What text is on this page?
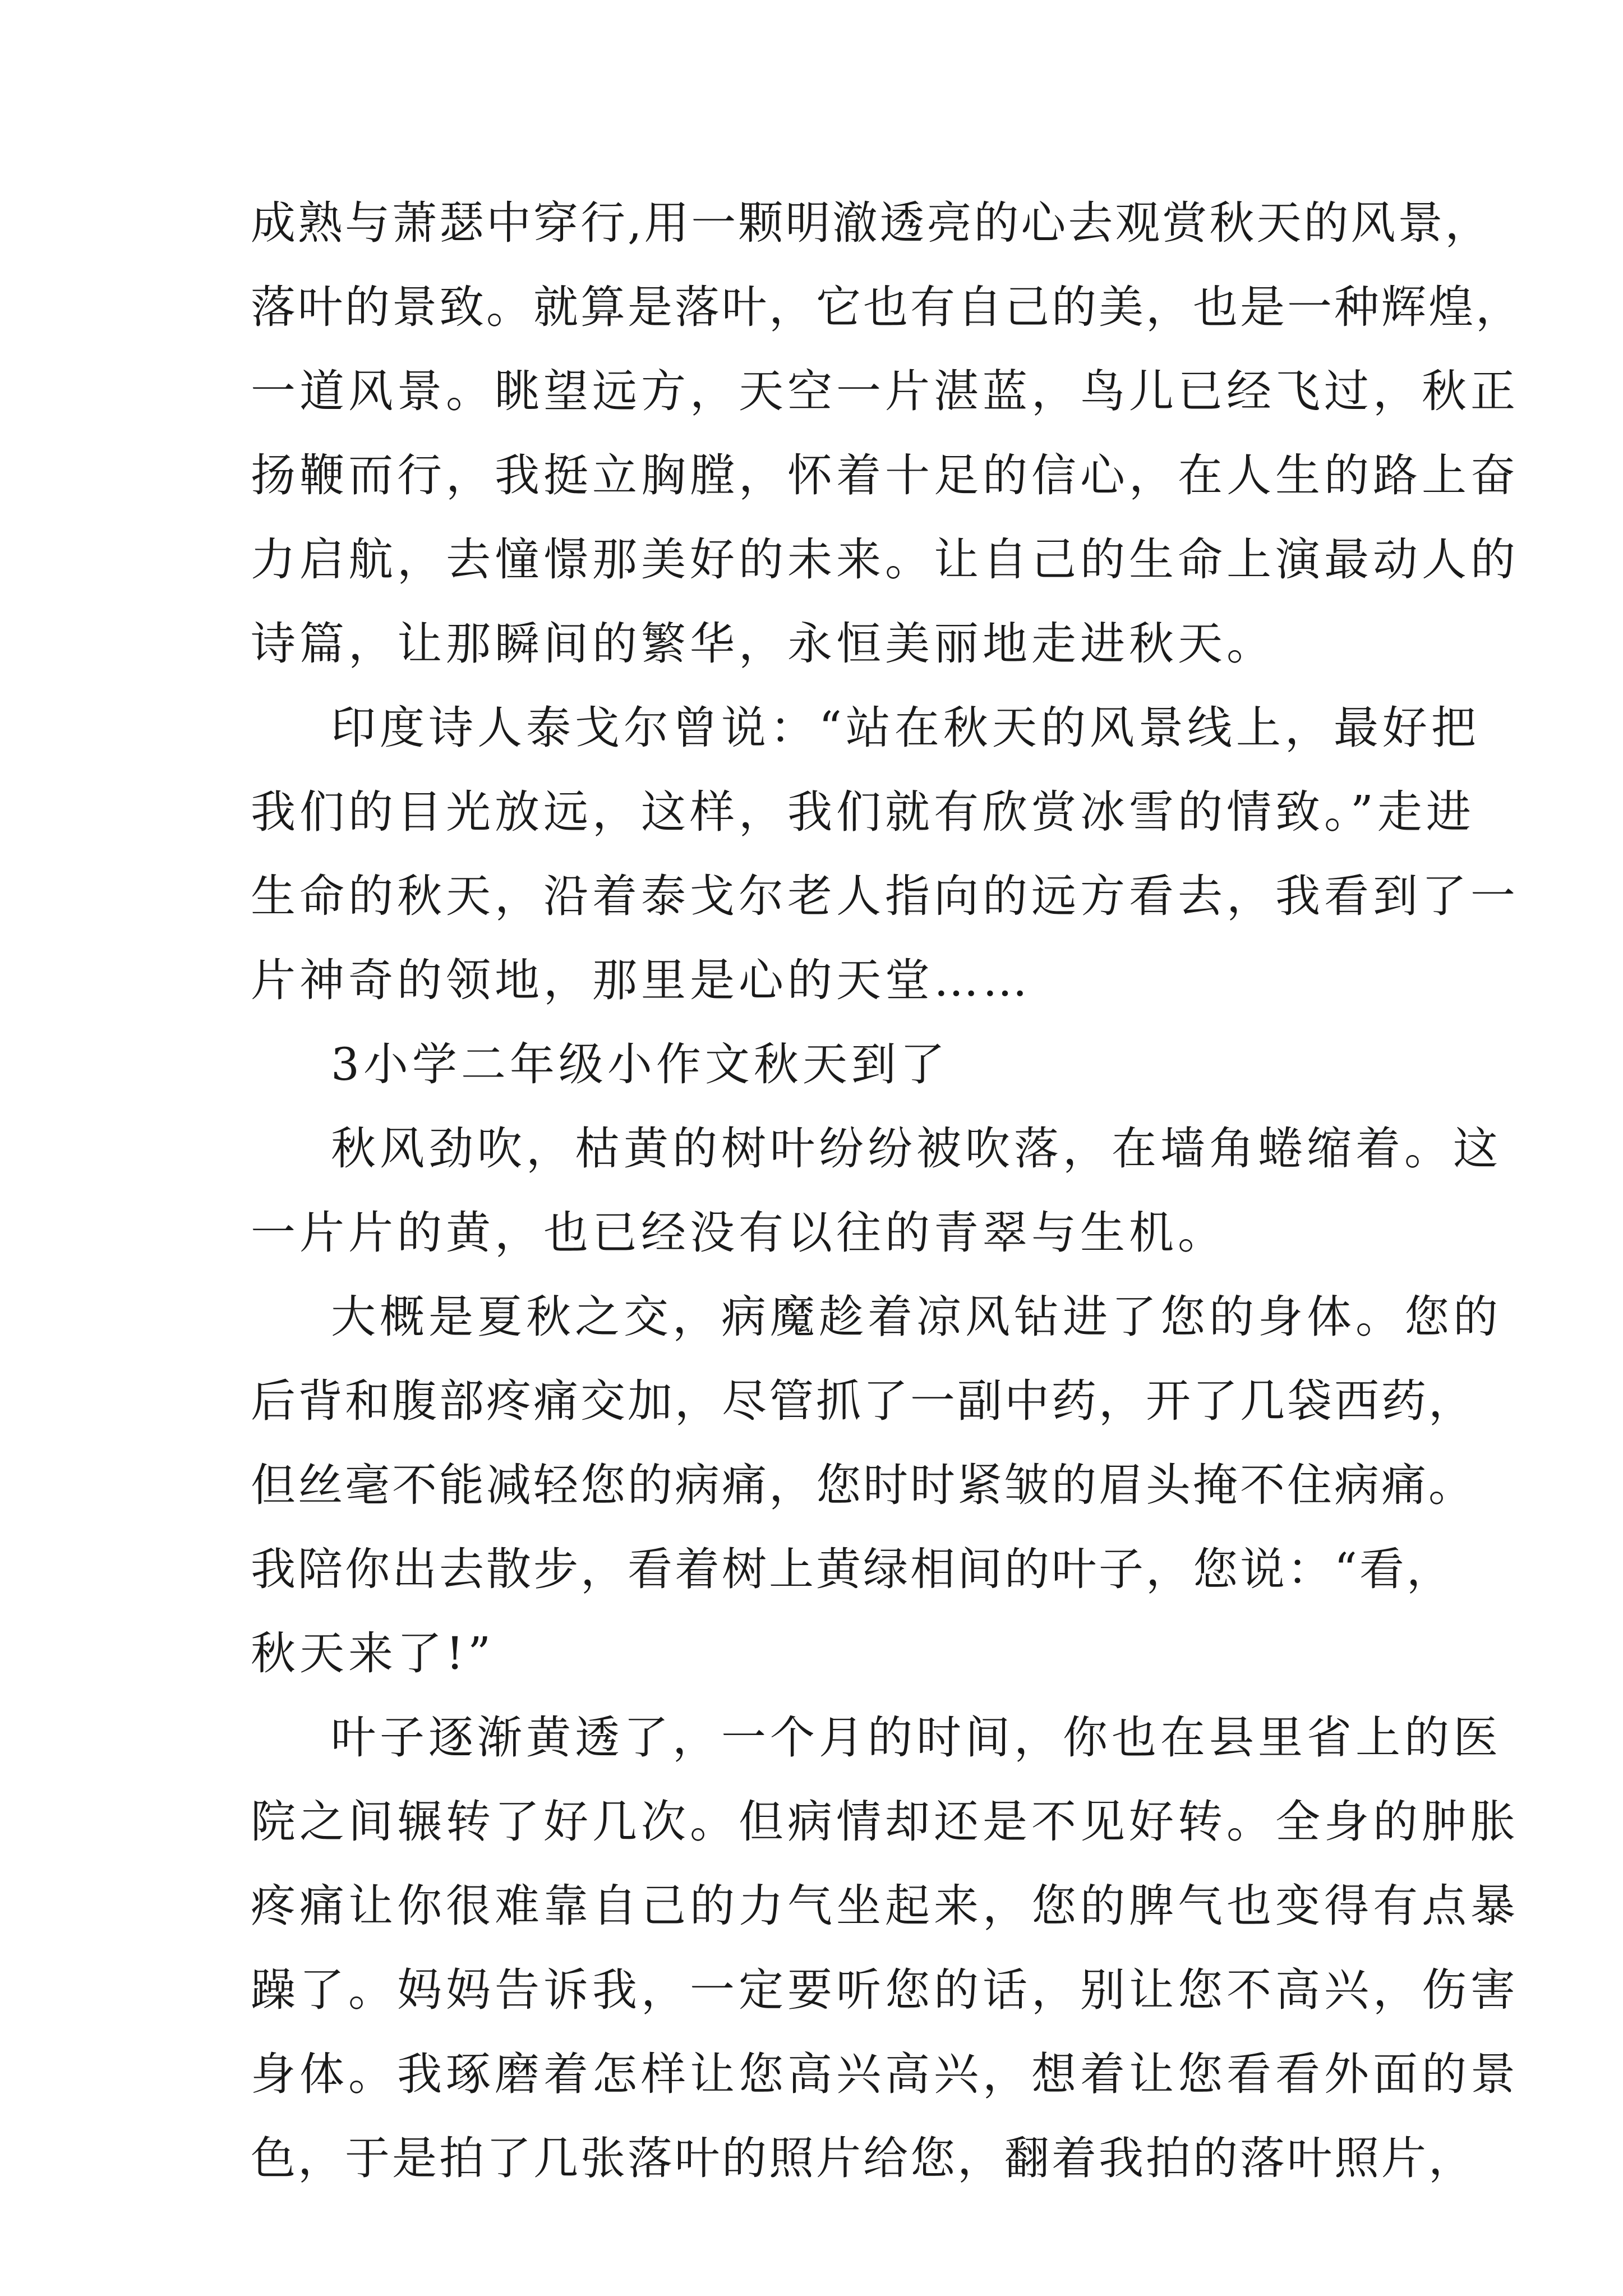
成熟与萧瑟中穿行,用一颗明澈透亮的心去观赏秋天的风景，
落叶的景致。就算是落叶，它也有自己的美，也是一种辉煌，
一道风景。眺望远方，天空一片湛蓝，鸟儿已经飞过，秋正
扬鞭而行，我挺立胸膛，怀着十足的信心，在人生的路上奋
力启航，去憧憬那美好的未来。让自己的生命上演最动人的
诗篇，让那瞬间的繁华，永恒美丽地走进秋天。
印度诗人泰戈尔曾说：“站在秋天的风景线上，最好把
我们的目光放远，这样，我们就有欣赏冰雪的情致。”走进
生命的秋天，沿着泰戈尔老人指向的远方看去，我看到了一
片神奇的领地，那里是心的天堂……
3小学二年级小作文秋天到了
秋风劲吹，枯黄的树叶纷纷被吹落，在墙角蜷缩着。这
一片片的黄，也已经没有以往的青翠与生机。
大概是夏秋之交，病魔趁着凉风钻进了您的身体。您的
后背和腹部疼痛交加，尽管抓了一副中药，开了几袋西药，
但丝毫不能减轻您的病痛，您时时紧皱的眉头掩不住病痛。
我陪你出去散步，看着树上黄绿相间的叶子，您说：“看，
秋天来了!”
叶子逐渐黄透了，一个月的时间，你也在县里省上的医
院之间辗转了好几次。但病情却还是不见好转。全身的肿胀
疼痛让你很难靠自己的力气坐起来，您的脾气也变得有点暴
躁了。妈妈告诉我，一定要听您的话，别让您不高兴，伤害
身体。我琢磨着怎样让您高兴高兴，想着让您看看外面的景
色，于是拍了几张落叶的照片给您，翻着我拍的落叶照片，
